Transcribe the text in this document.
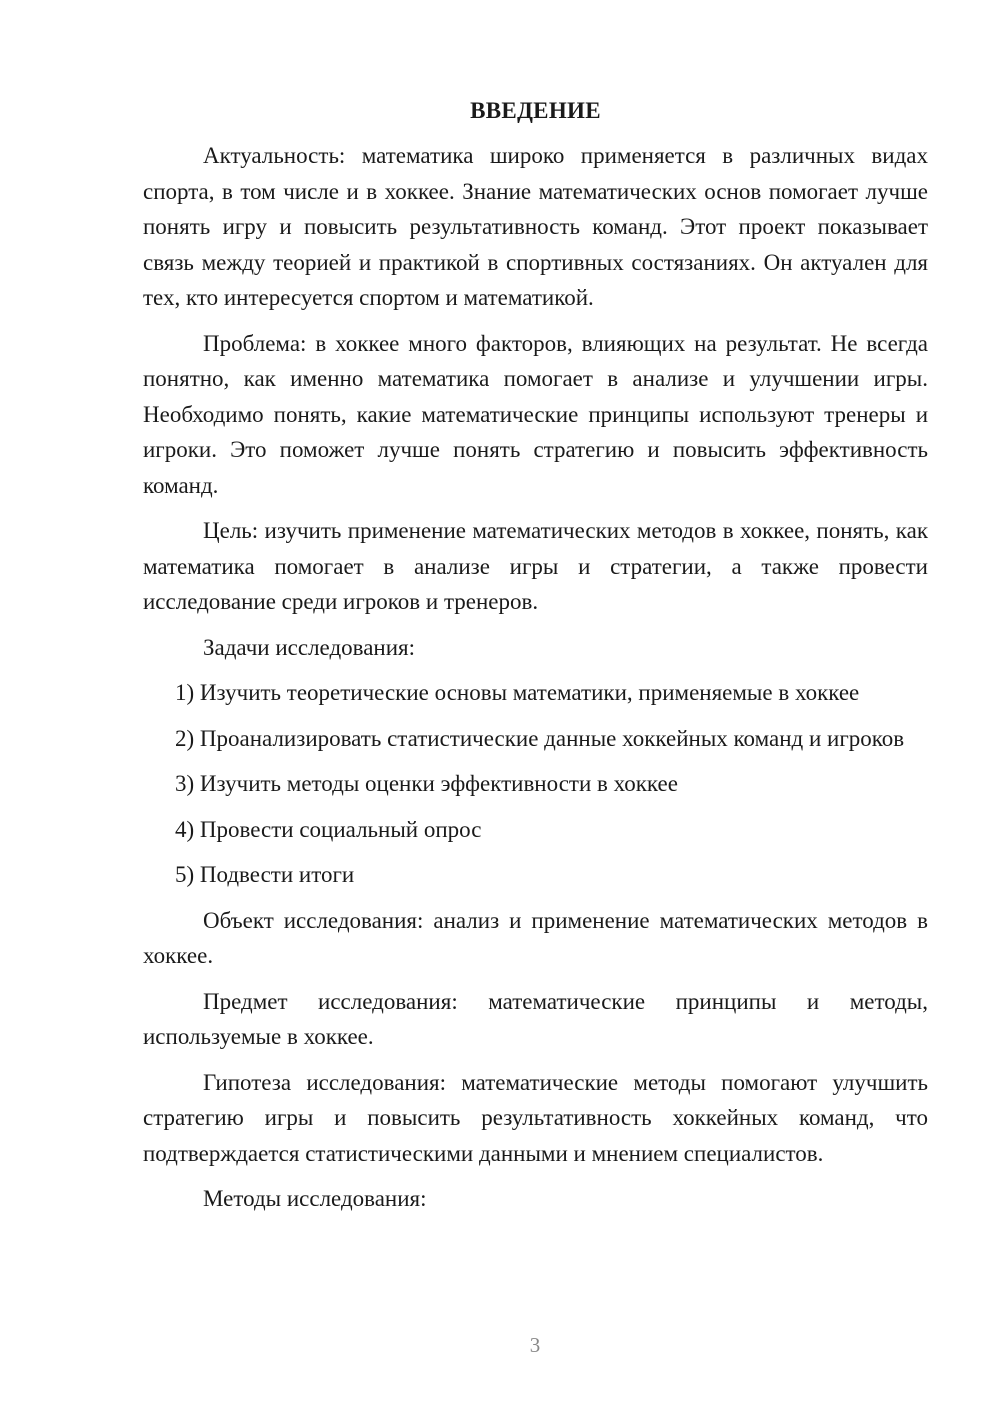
ВВЕДЕНИЕ

Актуальность: математика широко применяется в различных видах спорта, в том числе и в хоккее. Знание математических основ помогает лучше понять игру и повысить результативность команд. Этот проект показывает связь между теорией и практикой в спортивных состязаниях. Он актуален для тех, кто интересуется спортом и математикой.

Проблема: в хоккее много факторов, влияющих на результат. Не всегда понятно, как именно математика помогает в анализе и улучшении игры. Необходимо понять, какие математические принципы используют тренеры и игроки. Это поможет лучше понять стратегию и повысить эффективность команд.

Цель: изучить применение математических методов в хоккее, понять, как математика помогает в анализе игры и стратегии, а также провести исследование среди игроков и тренеров.

Задачи исследования:

1) Изучить теоретические основы математики, применяемые в хоккее

2) Проанализировать статистические данные хоккейных команд и игроков

3) Изучить методы оценки эффективности в хоккее

4) Провести социальный опрос

5) Подвести итоги

Объект исследования: анализ и применение математических методов в хоккее.

Предмет исследования: математические принципы и методы, используемые в хоккее.

Гипотеза исследования: математические методы помогают улучшить стратегию игры и повысить результативность хоккейных команд, что подтверждается статистическими данными и мнением специалистов.

Методы исследования:

3
